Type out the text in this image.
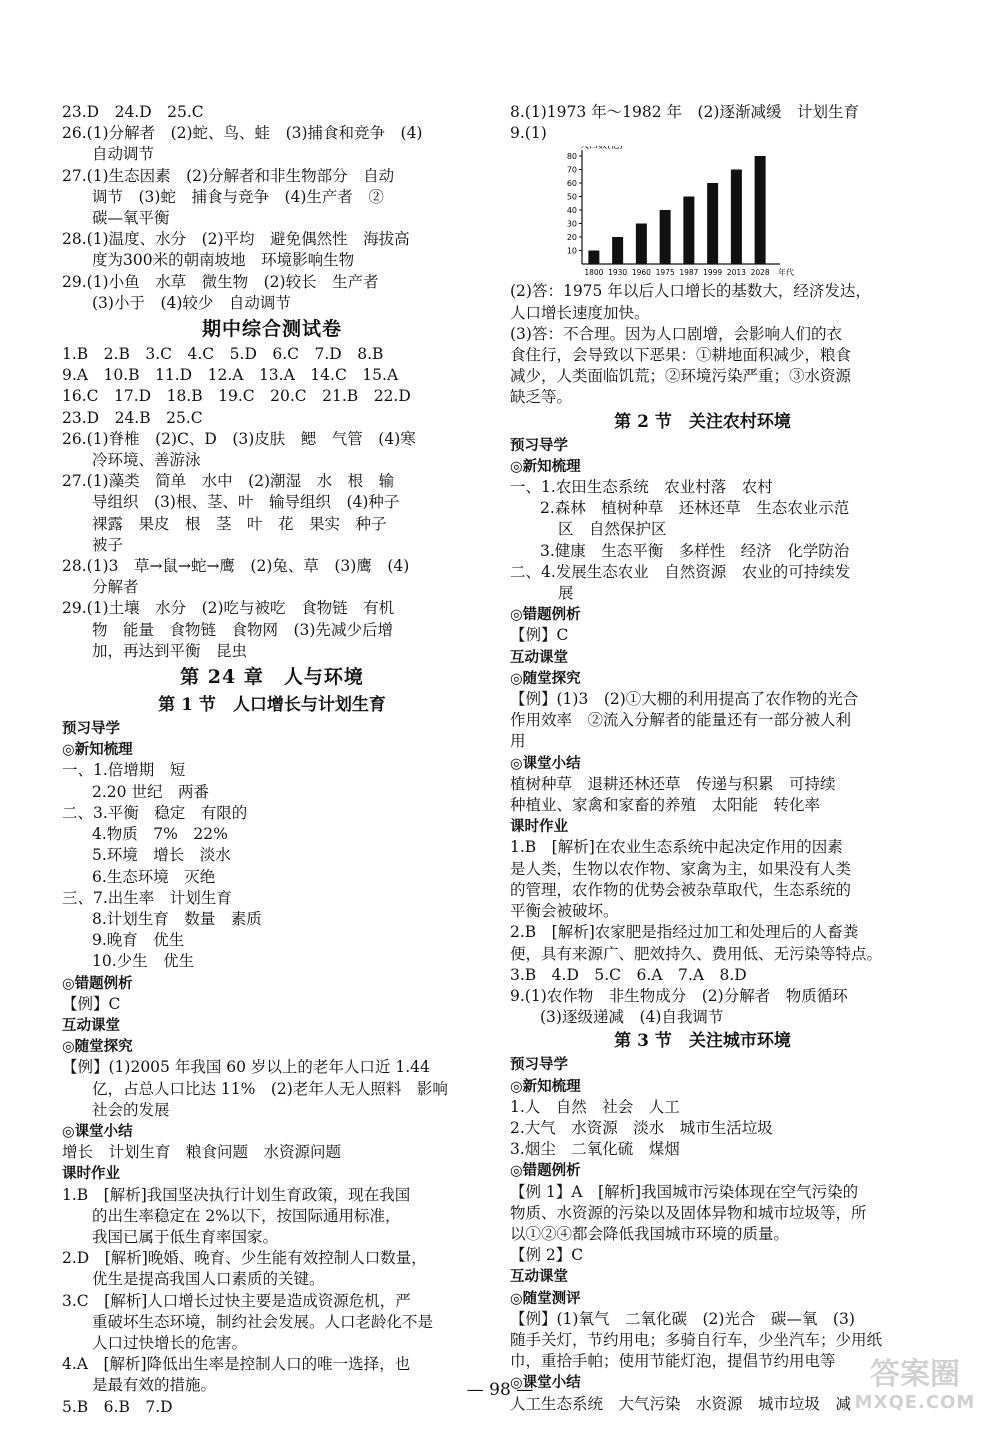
23.D　24.D　25.C
26.(1)分解者　(2)蛇、鸟、蛙　(3)捕食和竞争　(4)
自动调节
27.(1)生态因素　(2)分解者和非生物部分　自动
调节　(3)蛇　捕食与竞争　(4)生产者　②
碳—氧平衡
28.(1)温度、水分　(2)平均　避免偶然性　海拔高
度为300米的朝南坡地　环境影响生物
29.(1)小鱼　水草　微生物　(2)较长　生产者
(3)小于　(4)较少　自动调节
期中综合测试卷
1.B　2.B　3.C　4.C　5.D　6.C　7.D　8.B
9.A　10.B　11.D　12.A　13.A　14.C　15.A
16.C　17.D　18.B　19.C　20.C　21.B　22.D
23.D　24.B　25.C
26.(1)脊椎　(2)C、D　(3)皮肤　鳃　气管　(4)寒
冷环境、善游泳
27.(1)藻类　简单　水中　(2)潮湿　水　根　输
导组织　(3)根、茎、叶　输导组织　(4)种子
裸露　果皮　根　茎　叶　花　果实　种子
被子
28.(1)3　草→鼠→蛇→鹰　(2)兔、草　(3)鹰　(4)
分解者
29.(1)土壤　水分　(2)吃与被吃　食物链　有机
物　能量　食物链　食物网　(3)先减少后增
加，再达到平衡　昆虫
第 24 章　人与环境
第 1 节　人口增长与计划生育
预习导学
◎新知梳理
一、1.倍增期　短
2.20 世纪　两番
二、3.平衡　稳定　有限的
4.物质　7%　22%
5.环境　增长　淡水
6.生态环境　灭绝
三、7.出生率　计划生育
8.计划生育　数量　素质
9.晚育　优生
10.少生　优生
◎错题例析
【例】C
互动课堂
◎随堂探究
【例】(1)2005 年我国 60 岁以上的老年人口近 1.44
亿，占总人口比达 11%　(2)老年人无人照料　影响
社会的发展
◎课堂小结
增长　计划生育　粮食问题　水资源问题
课时作业
1.B　[解析]我国坚决执行计划生育政策，现在我国
的出生率稳定在 2%以下，按国际通用标准，
我国已属于低生育率国家。
2.D　[解析]晚婚、晚育、少生能有效控制人口数量，
优生是提高我国人口素质的关键。
3.C　[解析]人口增长过快主要是造成资源危机，严
重破坏生态环境，制约社会发展。人口老龄化不是
人口过快增长的危害。
4.A　[解析]降低出生率是控制人口的唯一选择，也
是最有效的措施。
5.B　6.B　7.D
8.(1)1973 年～1982 年　(2)逐渐减缓　计划生育
9.(1)
人口数(亿)
年代
10
20
30
40
50
60
70
80
1800 1930 1960 1975 1987 1999 2013 2028
(2)答：1975 年以后人口增长的基数大，经济发达，
人口增长速度加快。
(3)答：不合理。因为人口剧增，会影响人们的衣
食住行，会导致以下恶果：①耕地面积减少，粮食
减少，人类面临饥荒；②环境污染严重；③水资源
缺乏等。
第 2 节　关注农村环境
预习导学
◎新知梳理
一、1.农田生态系统　农业村落　农村
2.森林　植树种草　还林还草　生态农业示范
区　自然保护区
3.健康　生态平衡　多样性　经济　化学防治
二、4.发展生态农业　自然资源　农业的可持续发
展
◎错题例析
【例】C
互动课堂
◎随堂探究
【例】(1)3　(2)①大棚的利用提高了农作物的光合
作用效率　②流入分解者的能量还有一部分被人利
用
◎课堂小结
植树种草　退耕还林还草　传递与积累　可持续
种植业、家禽和家畜的养殖　太阳能　转化率
课时作业
1.B　[解析]在农业生态系统中起决定作用的因素
是人类，生物以农作物、家禽为主，如果没有人类
的管理，农作物的优势会被杂草取代，生态系统的
平衡会被破坏。
2.B　[解析]农家肥是指经过加工和处理后的人畜粪
便，具有来源广、肥效持久、费用低、无污染等特点。
3.B　4.D　5.C　6.A　7.A　8.D
9.(1)农作物　非生物成分　(2)分解者　物质循环
(3)逐级递减　(4)自我调节
第 3 节　关注城市环境
预习导学
◎新知梳理
1.人　自然　社会　人工
2.大气　水资源　淡水　城市生活垃圾
3.烟尘　二氧化硫　煤烟
◎错题例析
【例 1】A　[解析]我国城市污染体现在空气污染的
物质、水资源的污染以及固体异物和城市垃圾等，所
以①②④都会降低我国城市环境的质量。
【例 2】C
互动课堂
◎随堂测评
【例】(1)氧气　二氧化碳　(2)光合　碳—氧　(3)
随手关灯，节约用电；多骑自行车，少坐汽车；少用纸
巾，重拾手帕；使用节能灯泡，提倡节约用电等
◎课堂小结
人工生态系统　大气污染　水资源　城市垃圾　减
— 98 —	答案圈
MXQE.COM
